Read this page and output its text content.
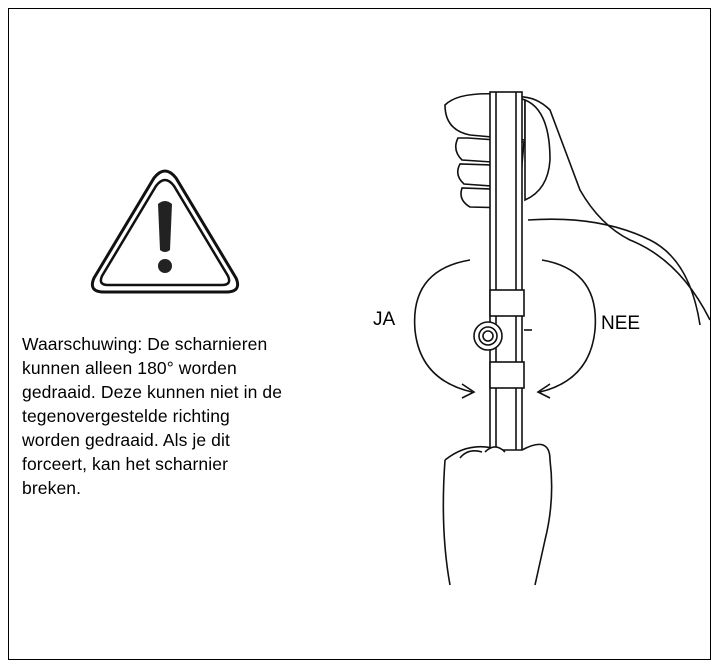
Waarschuwing: De scharnieren
kunnen alleen 180° worden
gedraaid. Deze kunnen niet in de
tegenovergestelde richting
worden gedraaid. Als je dit
forceert, kan het scharnier
breken.

JA	NEE
